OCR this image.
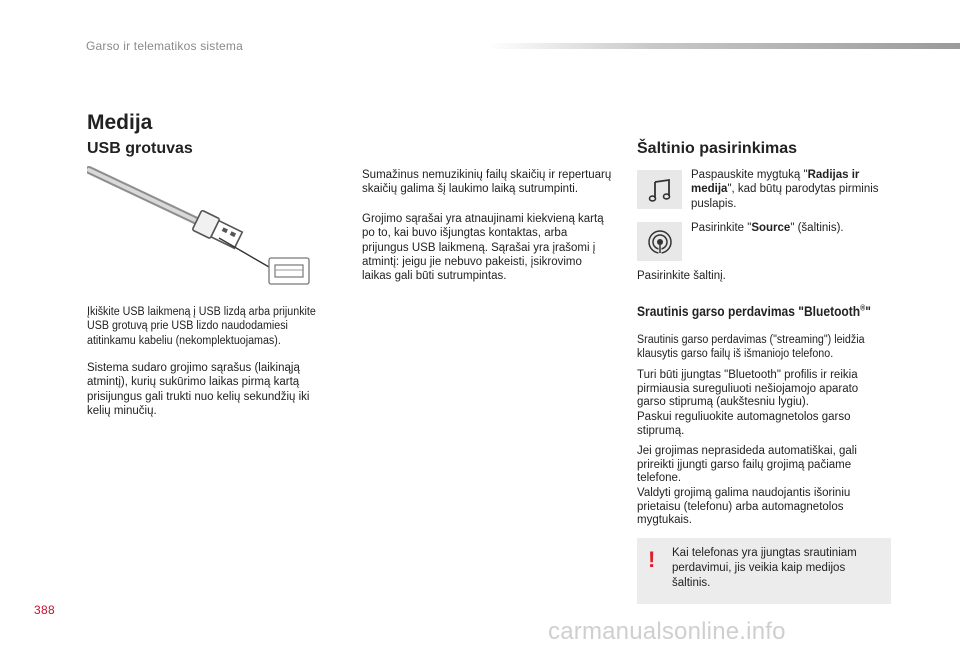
Garso ir telematikos sistema
Medija
USB grotuvas	Šaltinio pasirinkimas
Įkiškite USB laikmeną į USB lizdą arba prijunkite USB grotuvą prie USB lizdo naudodamiesi atitinkamu kabeliu (nekomplektuojamas).
Sistema sudaro grojimo sąrašus (laikinąją atmintį), kurių sukūrimo laikas pirmą kartą prisijungus gali trukti nuo kelių sekundžių iki kelių minučių.
Sumažinus nemuzikinių failų skaičių ir repertuarų skaičių galima šį laukimo laiką sutrumpinti.
Grojimo sąrašai yra atnaujinami kiekvieną kartą po to, kai buvo išjungtas kontaktas, arba prijungus USB laikmeną. Sąrašai yra įrašomi į atmintį: jeigu jie nebuvo pakeisti, įsikrovimo laikas gali būti sutrumpintas.
Paspauskite mygtuką "Radijas ir medija", kad būtų parodytas pirminis puslapis.
Pasirinkite "Source" (šaltinis).
Pasirinkite šaltinį.
Srautinis garso perdavimas "Bluetooth®"
Srautinis garso perdavimas ("streaming") leidžia klausytis garso failų iš išmaniojo telefono.
Turi būti įjungtas "Bluetooth" profilis ir reikia pirmiausia sureguliuoti nešiojamojo aparato garso stiprumą (aukštesniu lygiu).
Paskui reguliuokite automagnetolos garso stiprumą.
Jei grojimas neprasideda automatiškai, gali prireikti įjungti garso failų grojimą pačiame telefone.
Valdyti grojimą galima naudojantis išoriniu prietaisu (telefonu) arba automagnetolos mygtukais.
! Kai telefonas yra įjungtas srautiniam perdavimui, jis veikia kaip medijos šaltinis.
388
carmanualsonline.info
